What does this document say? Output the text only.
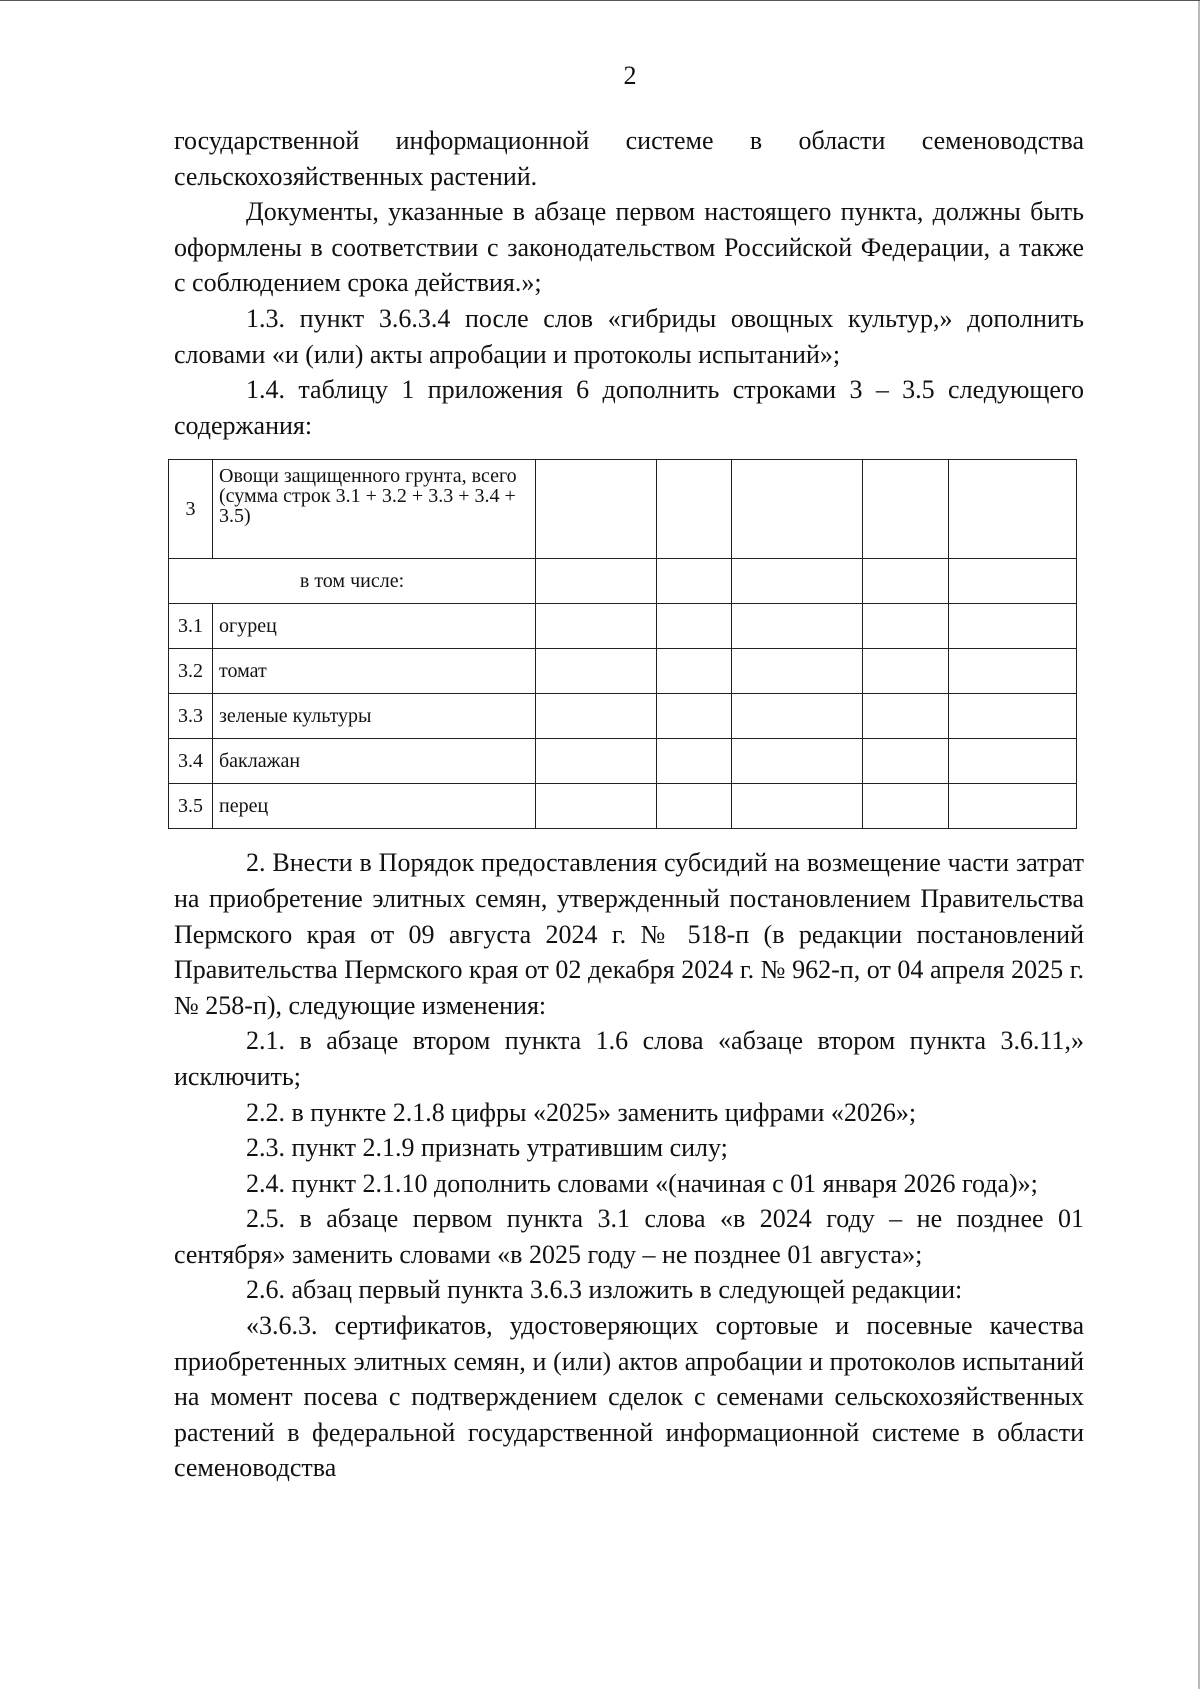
2

государственной информационной системе в области семеноводства сельскохозяйственных растений.

Документы, указанные в абзаце первом настоящего пункта, должны быть оформлены в соответствии с законодательством Российской Федерации, а также с соблюдением срока действия.»;

1.3. пункт 3.6.3.4 после слов «гибриды овощных культур,» дополнить словами «и (или) акты апробации и протоколы испытаний»;

1.4. таблицу 1 приложения 6 дополнить строками 3 – 3.5 следующего содержания:

3	Овощи защищенного грунта, всего (сумма строк 3.1 + 3.2 + 3.3 + 3.4 + 3.5)					
в том числе:						
3.1	огурец					
3.2	томат					
3.3	зеленые культуры					
3.4	баклажан					
3.5	перец					

2. Внести в Порядок предоставления субсидий на возмещение части затрат на приобретение элитных семян, утвержденный постановлением Правительства Пермского края от 09 августа 2024 г. № 518-п (в редакции постановлений Правительства Пермского края от 02 декабря 2024 г. № 962-п, от 04 апреля 2025 г. № 258-п), следующие изменения:

2.1. в абзаце втором пункта 1.6 слова «абзаце втором пункта 3.6.11,» исключить;

2.2. в пункте 2.1.8 цифры «2025» заменить цифрами «2026»;

2.3. пункт 2.1.9 признать утратившим силу;

2.4. пункт 2.1.10 дополнить словами «(начиная с 01 января 2026 года)»;

2.5. в абзаце первом пункта 3.1 слова «в 2024 году – не позднее 01 сентября» заменить словами «в 2025 году – не позднее 01 августа»;

2.6. абзац первый пункта 3.6.3 изложить в следующей редакции:

«3.6.3. сертификатов, удостоверяющих сортовые и посевные качества приобретенных элитных семян, и (или) актов апробации и протоколов испытаний на момент посева с подтверждением сделок с семенами сельскохозяйственных растений в федеральной государственной информационной системе в области семеноводства
